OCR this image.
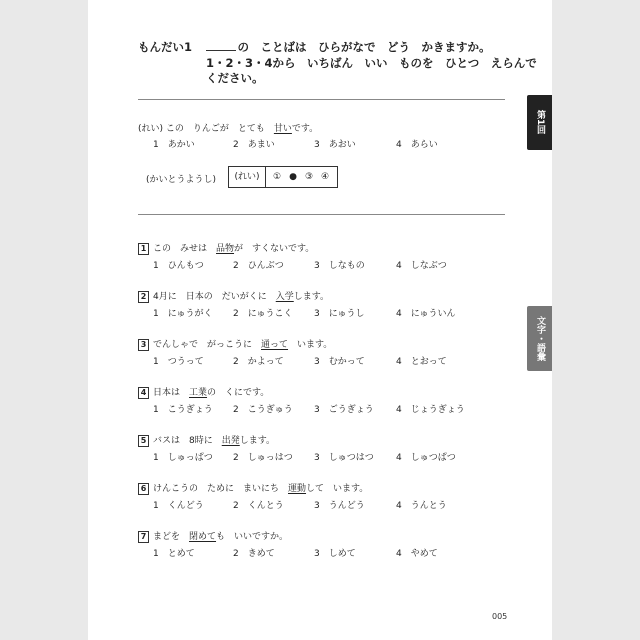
もんだい1　	の　ことばは　ひらがなで　どう　かきますか。
1・2・3・4から　いちばん　いい　ものを　ひとつ　えらんで
ください。
(れい) この　りんごが　とても　甘いです。
1　あかい	2　あまい	3　あおい	4　あらい
(かいとうようし)	(れい)	① ● ③ ④
1 この　みせは　品物が　すくないです。
1　ひんもつ	2　ひんぶつ	3　しなもの	4　しなぶつ
2 4月に　日本の　だいがくに　入学します。
1　にゅうがく 2　にゅうこく 3　にゅうし	4　にゅういん
3 でんしゃで　がっこうに　通って　います。
1　つうって	2　かよって	3　むかって	4　とおって
4 日本は　工業の　くにです。
1　こうぎょう 2　こうぎゅう 3　ごうぎょう 4　じょうぎょう
5 バスは　8時に　出発します。
1　しゅっぱつ 2　しゅっはつ 3　しゅつはつ 4　しゅつぱつ
6 けんこうの　ために　まいにち　運動して　います。
1　くんどう	2　くんとう	3　うんどう	4　うんとう
7 まどを　閉めても　いいですか。
1　とめて	2　きめて	3　しめて	4　やめて
第1回
文字・語彙
005
